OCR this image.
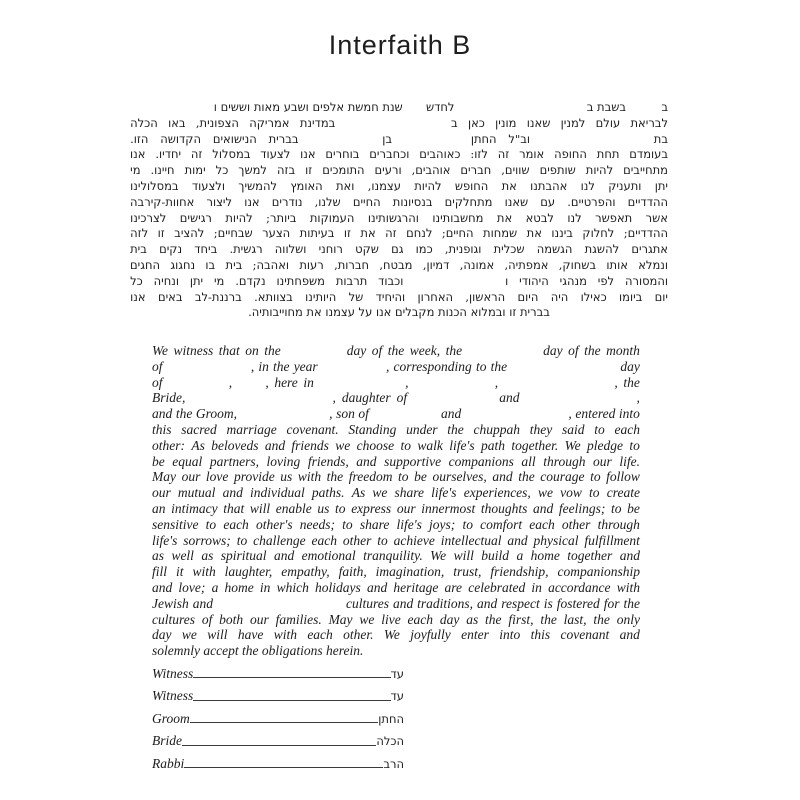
Interfaith B
ב
בשבת
ב
לחדש
שנת
חמשת
אלפים
ושבע
מאות
וששים
ו
לבריאת
עולם
למנין
שאנו
מונין
כאן
ב
במדינת
אמריקה
הצפונית,
באו
הכלה
בת
וב"ל
החתן
בן
בברית
הנישואים
הקדושה
הזו.
בעומדם
תחת
החופה
אומר
זה
לזו:
כאוהבים
וכחברים
בוחרים
אנו
לצעוד
במסלול
זה
יחדיו.
אנו
מתחייבים
להיות
שותפים
שווים,
חברים
אוהבים,
ורעים
התומכים
זו
בזה
למשך
כל
ימות
חיינו.
מי
יתן
ותעניק
לנו
אהבתנו
את
החופש
להיות
עצמנו,
ואת
האומץ
להמשיך
ולצעוד
במסלולינו
ההדדיים
והפרטיים.
עם
שאנו
מתחלקים
בנסיונות
החיים
שלנו,
נודרים
אנו
ליצור
אחוות-קירבה
אשר
תאפשר
לנו
לבטא
את
מחשבותינו
והרגשותינו
העמוקות
ביותר;
להיות
רגישים
לצרכינו
ההדדיים;
לחלוק
ביננו
את
שמחות
החיים;
לנחם
זה
את
זו
בעיתות
הצער
שבחיים;
להציב
זו
לזה
אתגרים
להשגת
הגשמה
שכלית
וגופנית,
כמו
גם
שקט
רוחני
ושלווה
רגשית.
ביחד
נקים
בית
ונמלא
אותו
בשחוק,
אמפתיה,
אמונה,
דמיון,
מבטח,
חברות,
רעות
ואהבה;
בית
בו
נחגוג
החגים
והמסורה
לפי
מנהגי
היהודי
ו
וכבוד
תרבות
משפחתינו
נקדם.
מי
יתן
ונחיה
כל
יום
ביומו
כאילו
היה
היום
הראשון,
האחרון
והיחיד
של
היותינו
בצוותא.
ברננת-לב
באים
אנו
בברית זו ובמלוא הכנות מקבלים אנו על עצמנו את מחוייבותיה.
We witness that on the	day of the week, the	day of the month
of	, in the year	, corresponding to the	day
of	, , here in	,	,	, the
Bride,	, daughter of	and	,
and the Groom,	, son of	and	, entered into
this sacred marriage covenant. Standing under the chuppah they said to each
other: As beloveds and friends we choose to walk life's path together. We pledge to
be equal partners, loving friends, and supportive companions all through our life.
May our love provide us with the freedom to be ourselves, and the courage to follow
our mutual and individual paths. As we share life's experiences, we vow to create
an intimacy that will enable us to express our innermost thoughts and feelings; to be
sensitive to each other's needs; to share life's joys; to comfort each other through
life's sorrows; to challenge each other to achieve intellectual and physical fulfillment
as well as spiritual and emotional tranquility. We will build a home together and
fill it with laughter, empathy, faith, imagination, trust, friendship, companionship
and love; a home in which holidays and heritage are celebrated in accordance with
Jewish and	cultures and traditions, and respect is fostered for the
cultures of both our families. May we live each day as the first, the last, the only
day we will have with each other. We joyfully enter into this covenant and
solemnly accept the obligations herein.
Witness	עד
Witness	עד
Groom	החתן
Bride	הכלה
Rabbi	הרב
